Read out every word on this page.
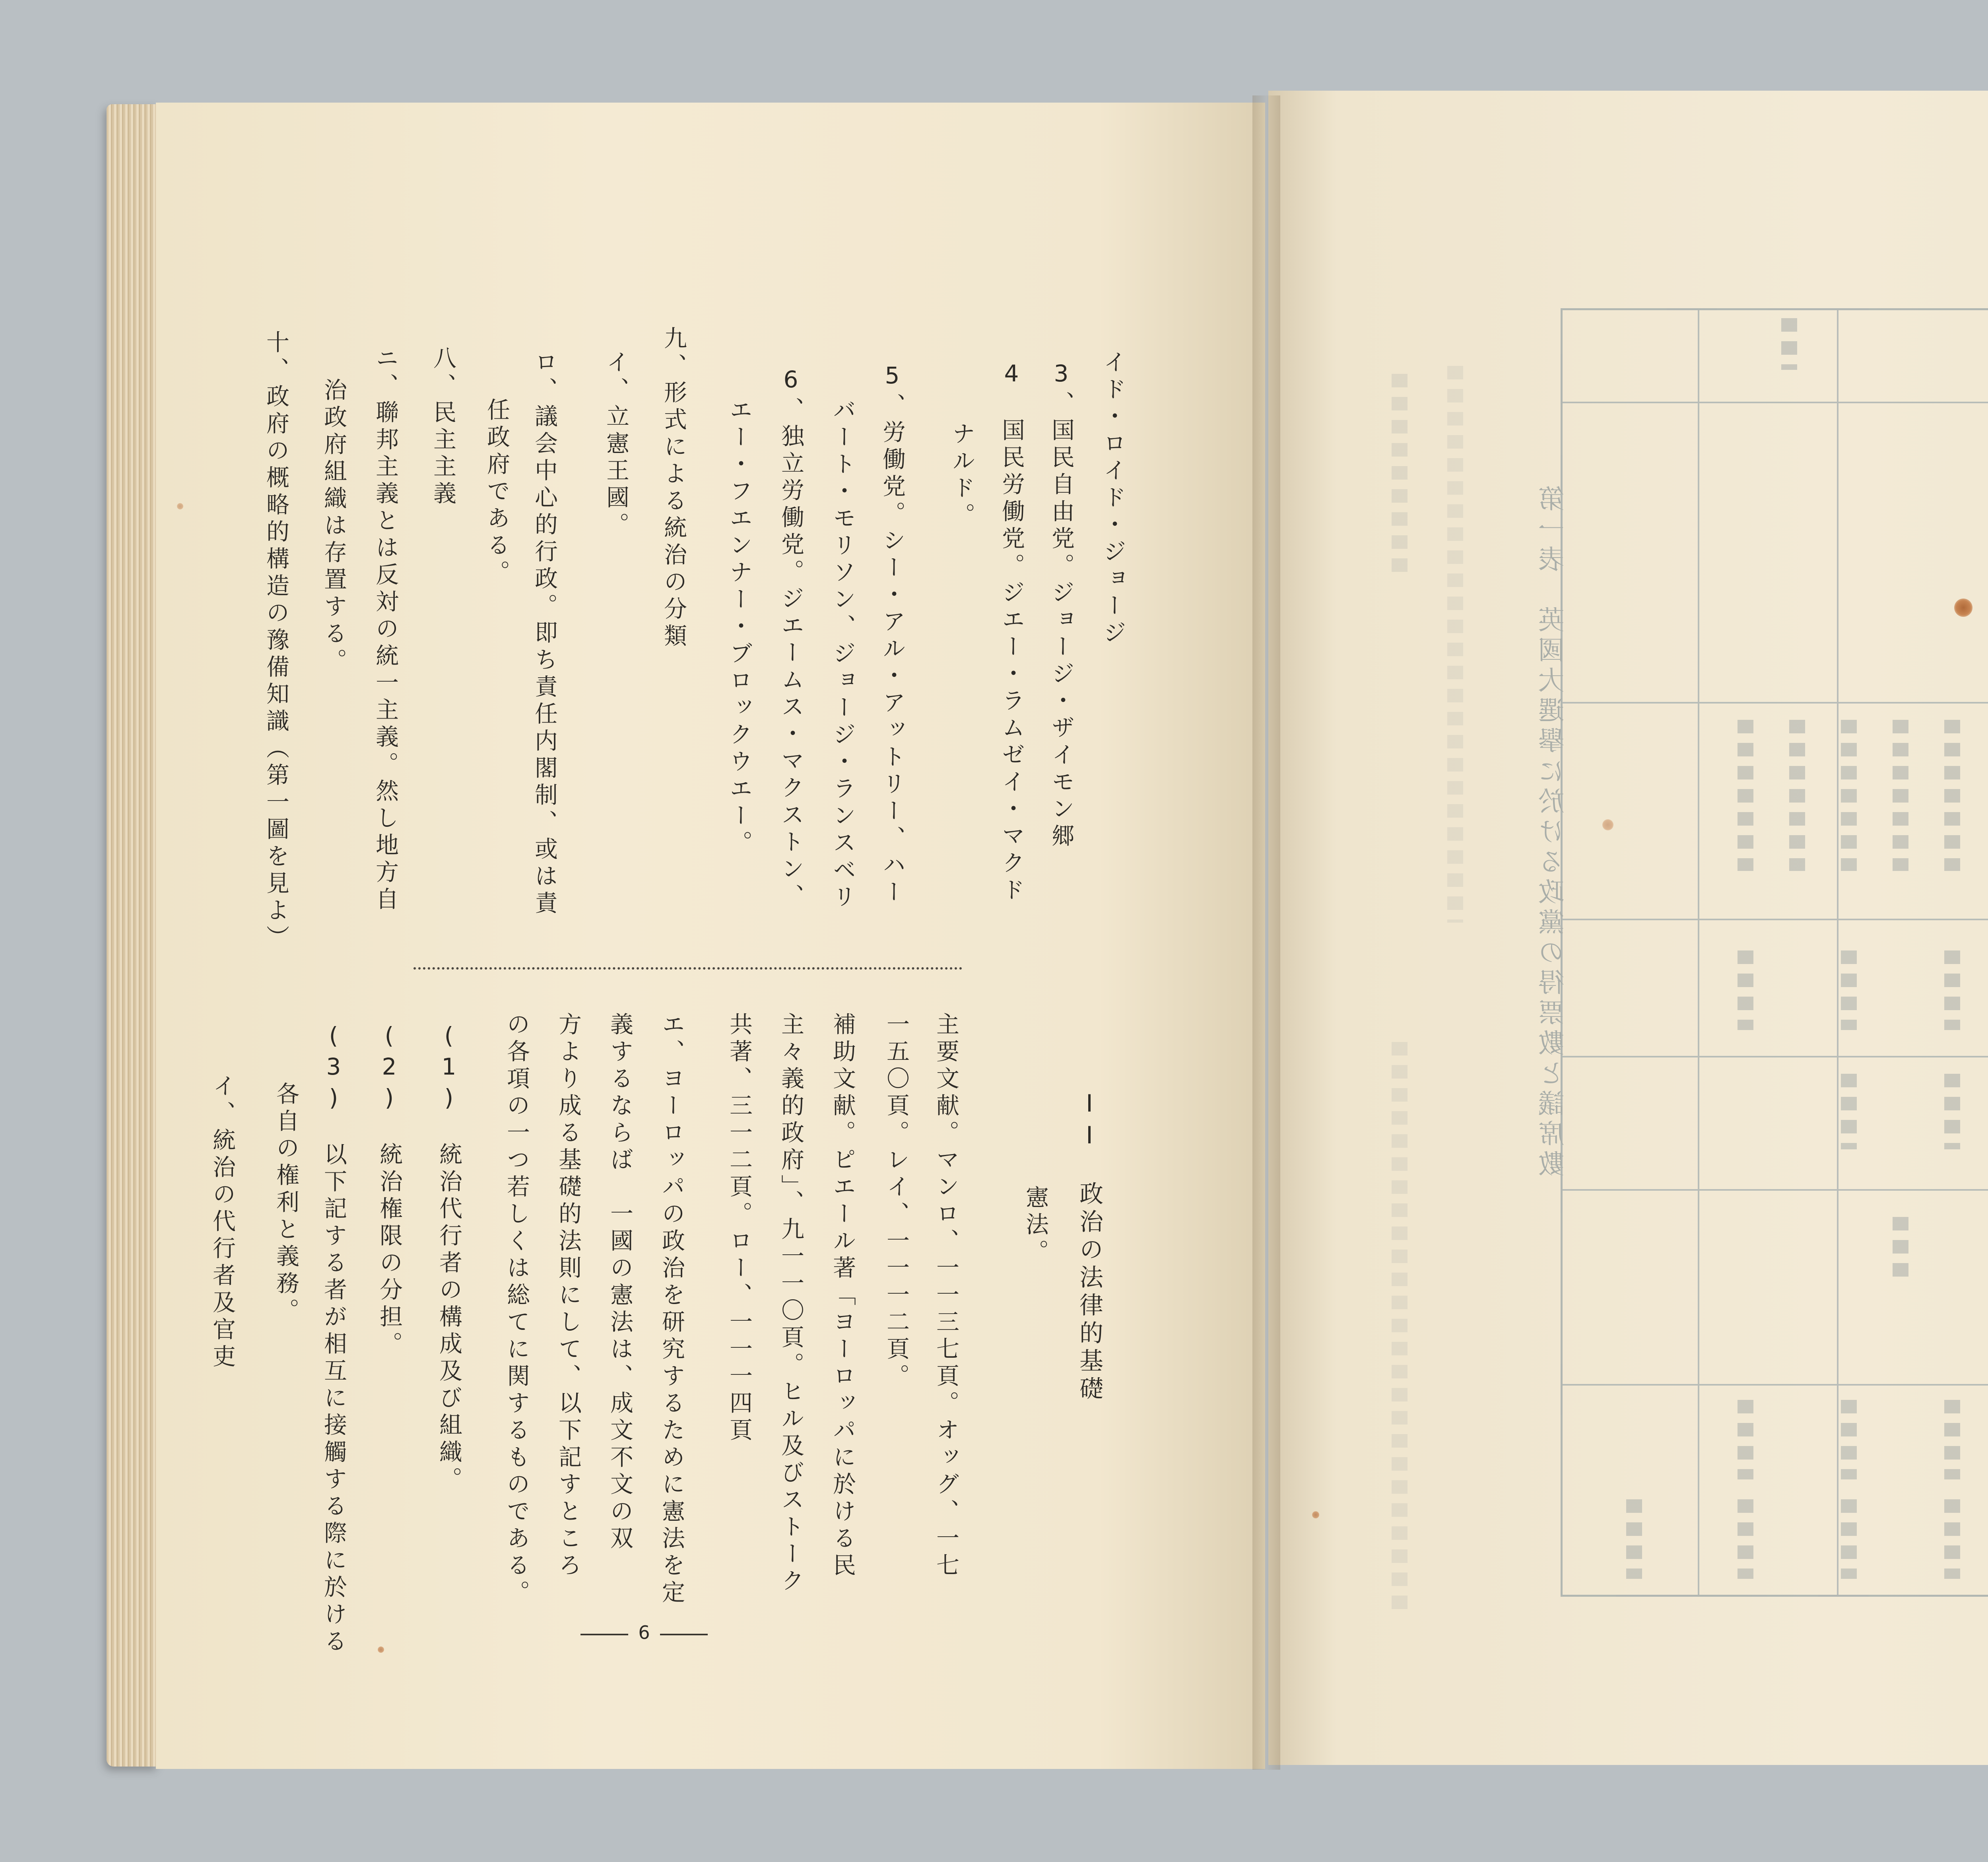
イド・ロイド・ジョージ
3、国民自由党。ジョージ・ザイモン郷
4　国民労働党。ジエー・ラムゼイ・マクド
ナルド。
5、労働党。シー・アル・アットリー、ハー
バート・モリソン、ジョージ・ランスベリ
6、独立労働党。ジエームス・マクストン、
エー・フエンナー・ブロックウエー。
九、形式による統治の分類
イ、立憲王國。
ロ、議会中心的行政。即ち責任内閣制、或は責
任政府である。
八、民主主義
ニ、聯邦主義とは反対の統一主義。然し地方自
治政府組織は存置する。
十、政府の概略的構造の豫備知識（第一圖を見よ）
II　政治の法律的基礎
憲法。
主要文献。マンロ、一一三七頁。オッグ、一七
一五〇頁。レイ、一一一二頁。
補助文献。ピエール著「ヨーロッパに於ける民
主々義的政府」、九一一〇頁。ヒル及びストーク
共著、三一二頁。ロー、一一一四頁
エ、ヨーロッパの政治を研究するために憲法を定
義するならば　一國の憲法は、成文不文の双
方より成る基礎的法則にして、以下記すところ
の各項の一つ若しくは総てに関するものである。
(1)　統治代行者の構成及び組織。
(2)　統治権限の分担。
(3)　以下記する者が相互に接觸する際に於ける
各自の権利と義務。
イ、統治の代行者及官吏
6
第一表　英國大選擧に於ける政黨の得票數と議席數
